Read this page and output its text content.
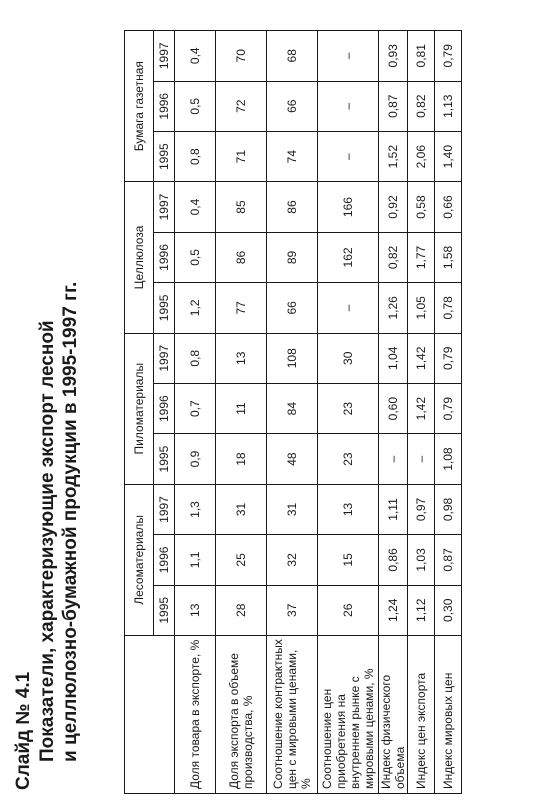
Слайд № 4.1 Показатели, характеризующие экспорт лесной и целлюлозно-бумажной продукции в 1995-1997 гг.
		Лесоматериалы			Пиломатериалы			Целлюлоза			Бумага газетная		
	1995	1996	1997	1995	1996	1997	1995	1996	1997	1995	1996	1997
Доля товара в экспорте, %	13	1,1	1,3	0,9	0,7	0,8	1,2	0,5	0,4	0,8	0,5	0,4
Доля экспорта в объеме производства, %	28	25	31	18	11	13	77	86	85	71	72	70
Соотношение контрактных цен с мировыми ценами, %	37	32	31	48	84	108	66	89	86	74	66	68
Соотношение цен приобретения на внутреннем рынке с мировыми ценами, %	26	15	13	23	23	30	–	162	166	–	–	–
Индекс физического объема	1,24	0,86	1,11	–	0,60	1,04	1,26	0,82	0,92	1,52	0,87	0,93
Индекс цен экспорта	1,12	1,03	0,97	–	1,42	1,42	1,05	1,77	0,58	2,06	0,82	0,81
Индекс мировых цен	0,30	0,87	0,98	1,08	0,79	0,79	0,78	1,58	0,66	1,40	1,13	0,79
